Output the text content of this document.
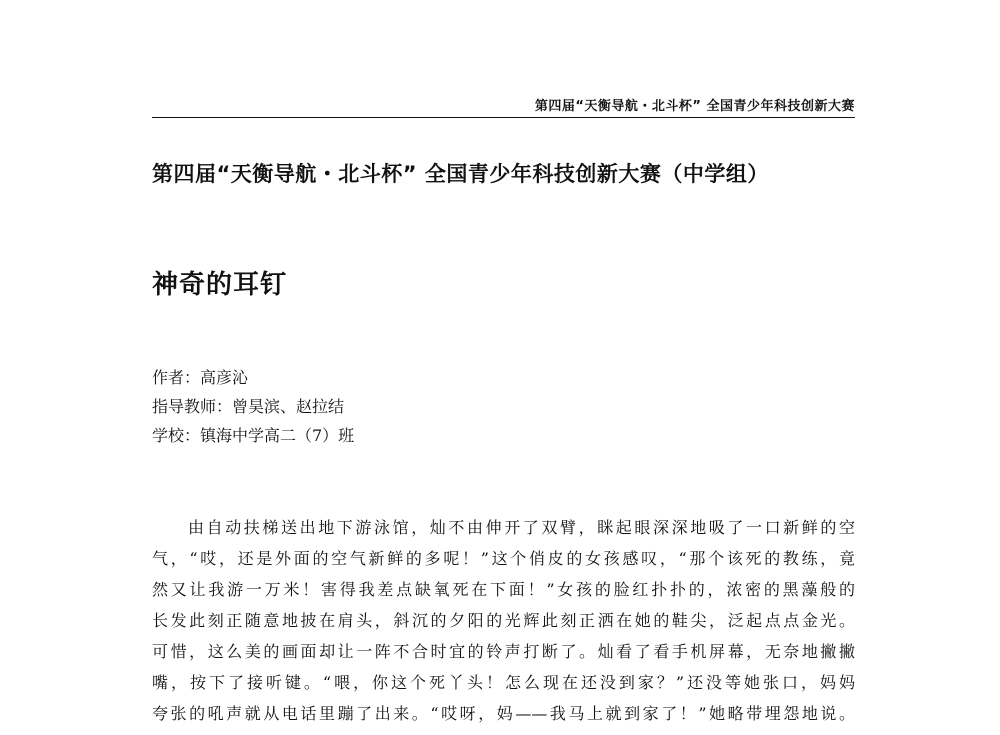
第四届“天衡导航・北斗杯” 全国青少年科技创新大赛
第四届“天衡导航・北斗杯” 全国青少年科技创新大赛（中学组）
神奇的耳钉
作者：高彦沁
指导教师：曾昊滨、赵拉结
学校：镇海中学高二（7）班
由自动扶梯送出地下游泳馆，灿不由伸开了双臂，眯起眼深深地吸了一口新鲜的空
气，“哎，还是外面的空气新鲜的多呢！”这个俏皮的女孩感叹，“那个该死的教练，竟
然又让我游一万米！害得我差点缺氧死在下面！”女孩的脸红扑扑的，浓密的黑藻般的
长发此刻正随意地披在肩头，斜沉的夕阳的光辉此刻正洒在她的鞋尖，泛起点点金光。
可惜，这么美的画面却让一阵不合时宜的铃声打断了。灿看了看手机屏幕，无奈地撇撇
嘴，按下了接听键。“喂，你这个死丫头！怎么现在还没到家？”还没等她张口，妈妈
夸张的吼声就从电话里蹦了出来。“哎呀，妈——我马上就到家了！”她略带埋怨地说。
